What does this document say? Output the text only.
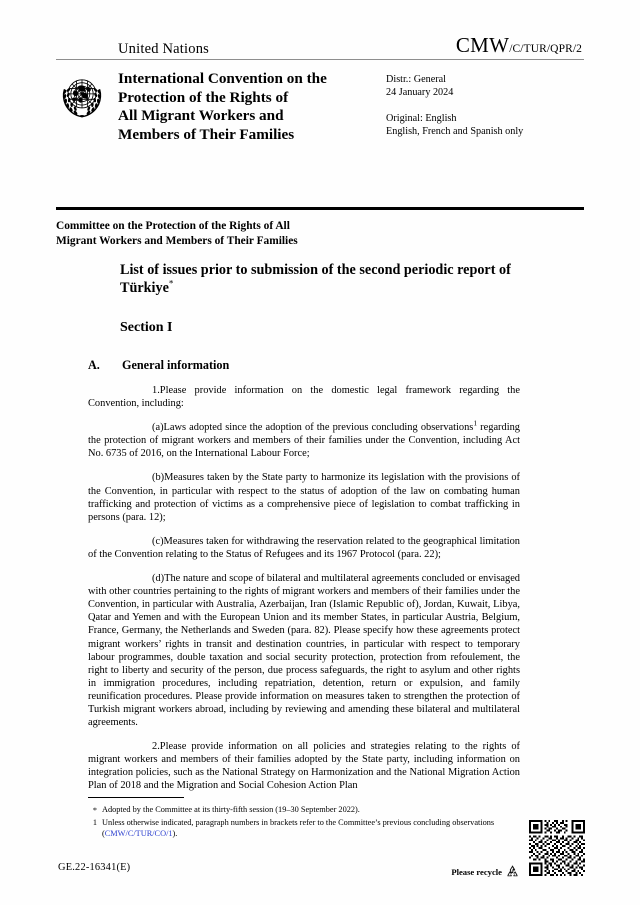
United Nations	CMW/C/TUR/QPR/2
International Convention on the
Protection of the Rights of
All Migrant Workers and
Members of Their Families
Distr.: General
24 January 2024
Original: English
English, French and Spanish only
Committee on the Protection of the Rights of All
Migrant Workers and Members of Their Families
List of issues prior to submission of the second periodic report of Türkiye*
Section I
A.	General information

1.Please provide information on the domestic legal framework regarding the Convention, including:

(a)Laws adopted since the adoption of the previous concluding observations$^1$ regarding the protection of migrant workers and members of their families under the Convention, including Act No. 6735 of 2016, on the International Labour Force;

(b)Measures taken by the State party to harmonize its legislation with the provisions of the Convention, in particular with respect to the status of adoption of the law on combating human trafficking and protection of victims as a comprehensive piece of legislation to combat trafficking in persons (para. 12);

(c)Measures taken for withdrawing the reservation related to the geographical limitation of the Convention relating to the Status of Refugees and its 1967 Protocol (para. 22);

(d)The nature and scope of bilateral and multilateral agreements concluded or envisaged with other countries pertaining to the rights of migrant workers and members of their families under the Convention, in particular with Australia, Azerbaijan, Iran (Islamic Republic of), Jordan, Kuwait, Libya, Qatar and Yemen and with the European Union and its member States, in particular Austria, Belgium, France, Germany, the Netherlands and Sweden (para. 82). Please specify how these agreements protect migrant workers’ rights in transit and destination countries, in particular with respect to temporary labour programmes, double taxation and social security protection, protection from refoulement, the right to liberty and security of the person, due process safeguards, the right to asylum and other rights in immigration procedures, including repatriation, detention, return or expulsion, and family reunification procedures. Please provide information on measures taken to strengthen the protection of Turkish migrant workers abroad, including by reviewing and amending these bilateral and multilateral agreements.

2.Please provide information on all policies and strategies relating to the rights of migrant workers and members of their families adopted by the State party, including information on integration policies, such as the National Strategy on Harmonization and the National Migration Action Plan of 2018 and the Migration and Social Cohesion Action Plan

* Adopted by the Committee at its thirty-fifth session (19–30 September 2022).
1 Unless otherwise indicated, paragraph numbers in brackets refer to the Committee’s previous concluding observations (CMW/C/TUR/CO/1).
GE.22-16341(E)	Please recycle
